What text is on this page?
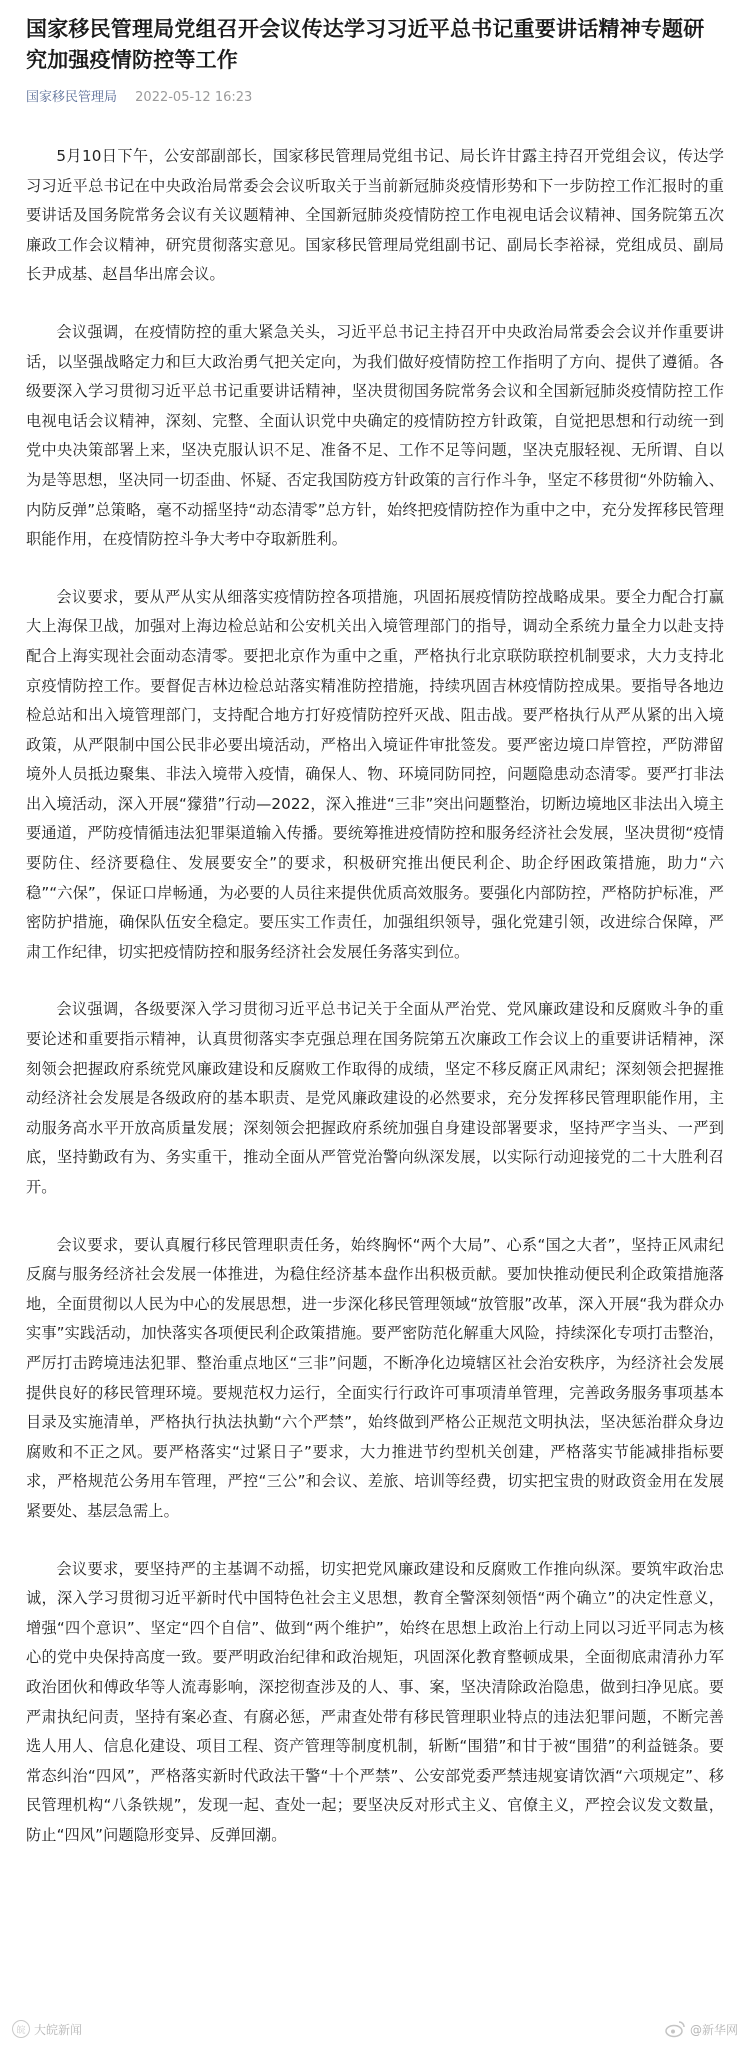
国家移民管理局党组召开会议传达学习习近平总书记重要讲话精神专题研究加强疫情防控等工作
国家移民管理局 2022-05-12 16:23

5月10日下午，公安部副部长，国家移民管理局党组书记、局长许甘露主持召开党组会议，传达学习习近平总书记在中央政治局常委会会议听取关于当前新冠肺炎疫情形势和下一步防控工作汇报时的重要讲话及国务院常务会议有关议题精神、全国新冠肺炎疫情防控工作电视电话会议精神、国务院第五次廉政工作会议精神，研究贯彻落实意见。国家移民管理局党组副书记、副局长李裕禄，党组成员、副局长尹成基、赵昌华出席会议。

会议强调，在疫情防控的重大紧急关头，习近平总书记主持召开中央政治局常委会会议并作重要讲话，以坚强战略定力和巨大政治勇气把关定向，为我们做好疫情防控工作指明了方向、提供了遵循。各级要深入学习贯彻习近平总书记重要讲话精神，坚决贯彻国务院常务会议和全国新冠肺炎疫情防控工作电视电话会议精神，深刻、完整、全面认识党中央确定的疫情防控方针政策，自觉把思想和行动统一到党中央决策部署上来，坚决克服认识不足、准备不足、工作不足等问题，坚决克服轻视、无所谓、自以为是等思想，坚决同一切歪曲、怀疑、否定我国防疫方针政策的言行作斗争，坚定不移贯彻“外防输入、内防反弹”总策略，毫不动摇坚持“动态清零”总方针，始终把疫情防控作为重中之中，充分发挥移民管理职能作用，在疫情防控斗争大考中夺取新胜利。

会议要求，要从严从实从细落实疫情防控各项措施，巩固拓展疫情防控战略成果。要全力配合打赢大上海保卫战，加强对上海边检总站和公安机关出入境管理部门的指导，调动全系统力量全力以赴支持配合上海实现社会面动态清零。要把北京作为重中之重，严格执行北京联防联控机制要求，大力支持北京疫情防控工作。要督促吉林边检总站落实精准防控措施，持续巩固吉林疫情防控成果。要指导各地边检总站和出入境管理部门，支持配合地方打好疫情防控歼灭战、阻击战。要严格执行从严从紧的出入境政策，从严限制中国公民非必要出境活动，严格出入境证件审批签发。要严密边境口岸管控，严防滞留境外人员抵边聚集、非法入境带入疫情，确保人、物、环境同防同控，问题隐患动态清零。要严打非法出入境活动，深入开展“獴猎”行动—2022，深入推进“三非”突出问题整治，切断边境地区非法出入境主要通道，严防疫情循违法犯罪渠道输入传播。要统筹推进疫情防控和服务经济社会发展，坚决贯彻“疫情要防住、经济要稳住、发展要安全”的要求，积极研究推出便民利企、助企纾困政策措施，助力“六稳”“六保”，保证口岸畅通，为必要的人员往来提供优质高效服务。要强化内部防控，严格防护标准，严密防护措施，确保队伍安全稳定。要压实工作责任，加强组织领导，强化党建引领，改进综合保障，严肃工作纪律，切实把疫情防控和服务经济社会发展任务落实到位。

会议强调，各级要深入学习贯彻习近平总书记关于全面从严治党、党风廉政建设和反腐败斗争的重要论述和重要指示精神，认真贯彻落实李克强总理在国务院第五次廉政工作会议上的重要讲话精神，深刻领会把握政府系统党风廉政建设和反腐败工作取得的成绩，坚定不移反腐正风肃纪；深刻领会把握推动经济社会发展是各级政府的基本职责、是党风廉政建设的必然要求，充分发挥移民管理职能作用，主动服务高水平开放高质量发展；深刻领会把握政府系统加强自身建设部署要求，坚持严字当头、一严到底，坚持勤政有为、务实重干，推动全面从严管党治警向纵深发展，以实际行动迎接党的二十大胜利召开。

会议要求，要认真履行移民管理职责任务，始终胸怀“两个大局”、心系“国之大者”，坚持正风肃纪反腐与服务经济社会发展一体推进，为稳住经济基本盘作出积极贡献。要加快推动便民利企政策措施落地，全面贯彻以人民为中心的发展思想，进一步深化移民管理领域“放管服”改革，深入开展“我为群众办实事”实践活动，加快落实各项便民利企政策措施。要严密防范化解重大风险，持续深化专项打击整治，严厉打击跨境违法犯罪、整治重点地区“三非”问题，不断净化边境辖区社会治安秩序，为经济社会发展提供良好的移民管理环境。要规范权力运行，全面实行行政许可事项清单管理，完善政务服务事项基本目录及实施清单，严格执行执法执勤“六个严禁”，始终做到严格公正规范文明执法，坚决惩治群众身边腐败和不正之风。要严格落实“过紧日子”要求，大力推进节约型机关创建，严格落实节能减排指标要求，严格规范公务用车管理，严控“三公”和会议、差旅、培训等经费，切实把宝贵的财政资金用在发展紧要处、基层急需上。

会议要求，要坚持严的主基调不动摇，切实把党风廉政建设和反腐败工作推向纵深。要筑牢政治忠诚，深入学习贯彻习近平新时代中国特色社会主义思想，教育全警深刻领悟“两个确立”的决定性意义，增强“四个意识”、坚定“四个自信”、做到“两个维护”，始终在思想上政治上行动上同以习近平同志为核心的党中央保持高度一致。要严明政治纪律和政治规矩，巩固深化教育整顿成果，全面彻底肃清孙力军政治团伙和傅政华等人流毒影响，深挖彻查涉及的人、事、案，坚决清除政治隐患，做到扫净见底。要严肃执纪问责，坚持有案必查、有腐必惩，严肃查处带有移民管理职业特点的违法犯罪问题，不断完善选人用人、信息化建设、项目工程、资产管理等制度机制，斩断“围猎”和甘于被“围猎”的利益链条。要常态纠治“四风”，严格落实新时代政法干警“十个严禁”、公安部党委严禁违规宴请饮酒“六项规定”、移民管理机构“八条铁规”，发现一起、查处一起；要坚决反对形式主义、官僚主义，严控会议发文数量，防止“四风”问题隐形变异、反弹回潮。

皖 大皖新闻	@新华网
